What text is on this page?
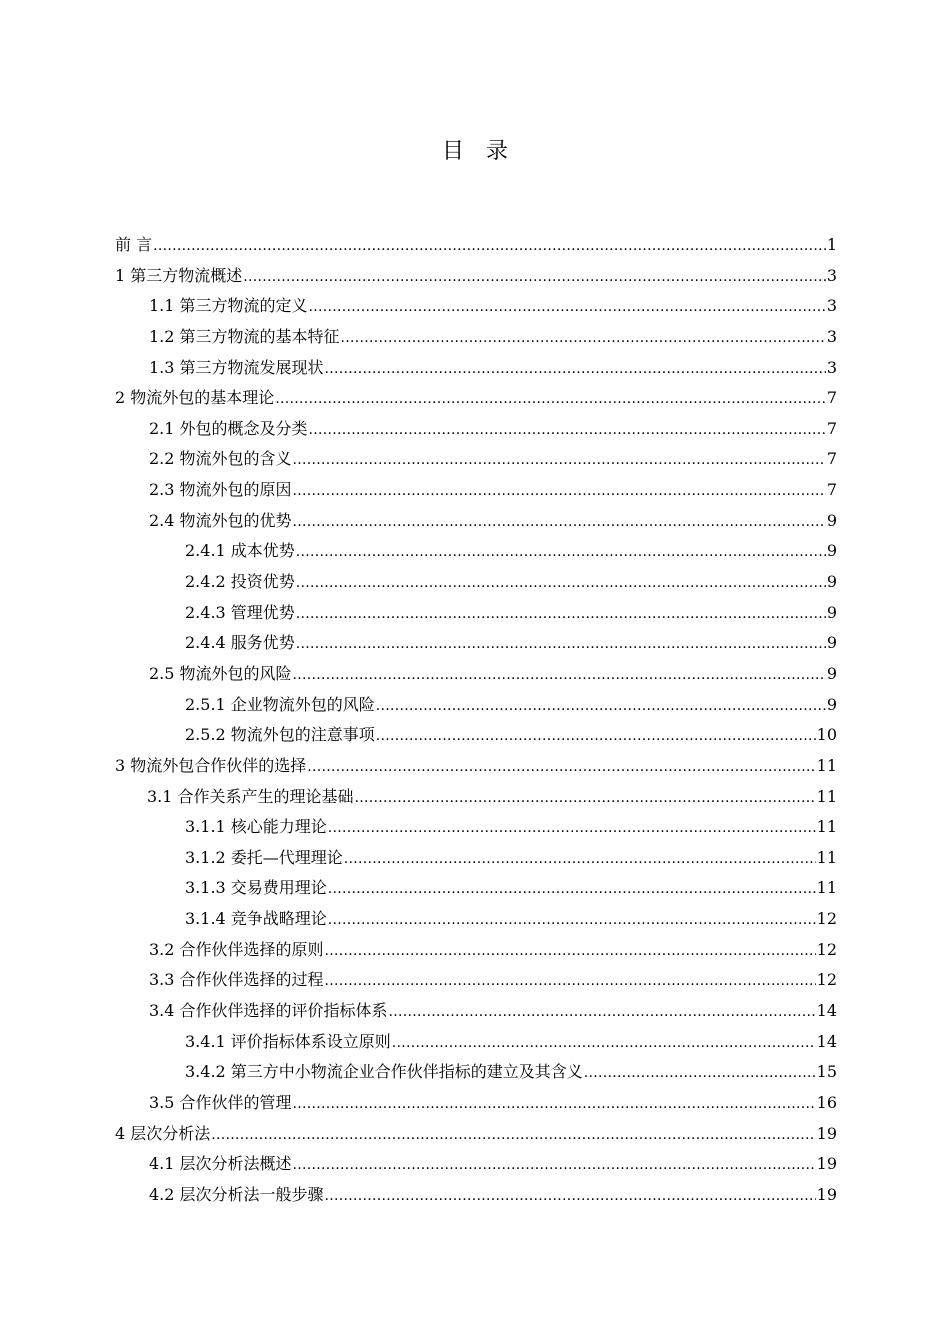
目 录
前 言 .....	1
1 第三方物流概述 .....	3
1.1 第三方物流的定义 .....	3
1.2 第三方物流的基本特征 .....	3
1.3 第三方物流发展现状 .....	3
2 物流外包的基本理论 .....	7
2.1 外包的概念及分类 .....	7
2.2 物流外包的含义 .....	7
2.3 物流外包的原因 .....	7
2.4 物流外包的优势 .....	9
2.4.1 成本优势 .....	9
2.4.2 投资优势 .....	9
2.4.3 管理优势 .....	9
2.4.4 服务优势 .....	9
2.5 物流外包的风险 .....	9
2.5.1 企业物流外包的风险 .....	9
2.5.2 物流外包的注意事项 .....	10
3 物流外包合作伙伴的选择 .....	11
3.1 合作关系产生的理论基础 .....	11
3.1.1 核心能力理论 .....	11
3.1.2 委托—代理理论 .....	11
3.1.3 交易费用理论 .....	11
3.1.4 竞争战略理论 .....	12
3.2 合作伙伴选择的原则 .....	12
3.3 合作伙伴选择的过程 .....	12
3.4 合作伙伴选择的评价指标体系 .....	14
3.4.1 评价指标体系设立原则 .....	14
3.4.2 第三方中小物流企业合作伙伴指标的建立及其含义 .....	15
3.5 合作伙伴的管理 .....	16
4 层次分析法 .....	19
4.1 层次分析法概述 .....	19
4.2 层次分析法一般步骤 .....	19
